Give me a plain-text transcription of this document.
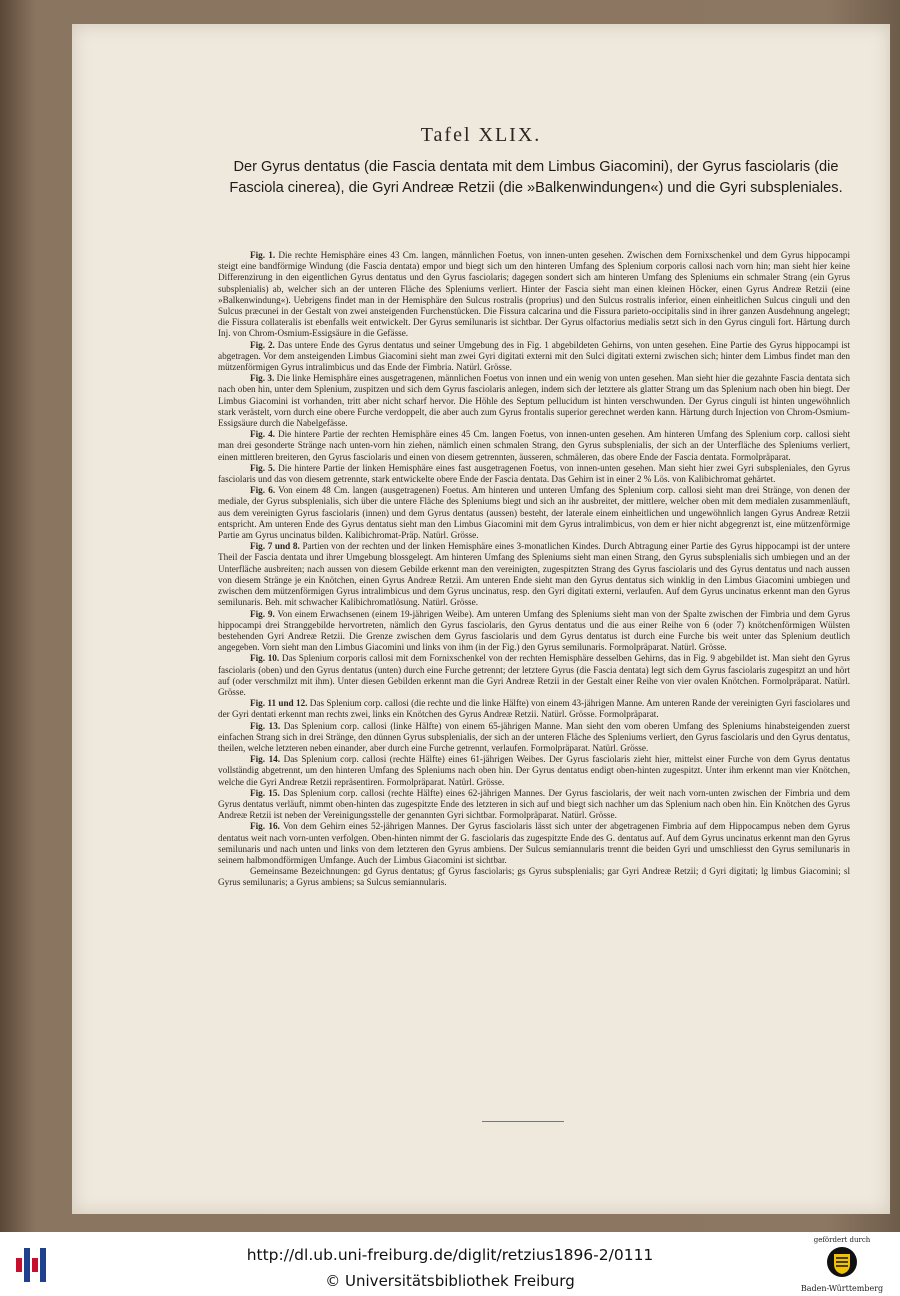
Tafel XLIX.
Der Gyrus dentatus (die Fascia dentata mit dem Limbus Giacomini), der Gyrus fasciolaris (die Fasciola cinerea), die Gyri Andreæ Retzii (die »Balkenwindungen«) und die Gyri subspleniales.

Fig. 1. Die rechte Hemisphäre eines 43 Cm. langen, männlichen Foetus, von innen-unten gesehen. Zwischen dem Fornixschenkel und dem Gyrus hippocampi steigt eine bandförmige Windung (die Fascia dentata) empor und biegt sich um den hinteren Umfang des Splenium corporis callosi nach vorn hin; man sieht hier keine Differenzirung in den eigentlichen Gyrus dentatus und den Gyrus fasciolaris; dagegen sondert sich am hinteren Umfang des Spleniums ein schmaler Strang (ein Gyrus subsplenialis) ab, welcher sich an der unteren Fläche des Spleniums verliert. Hinter der Fascia sieht man einen kleinen Höcker, einen Gyrus Andreæ Retzii (eine »Balkenwindung«). Uebrigens findet man in der Hemisphäre den Sulcus rostralis (proprius) und den Sulcus rostralis inferior, einen einheitlichen Sulcus cinguli und den Sulcus præcunei in der Gestalt von zwei ansteigenden Furchenstücken. Die Fissura calcarina und die Fissura parieto-occipitalis sind in ihrer ganzen Ausdehnung angelegt; die Fissura collateralis ist ebenfalls weit entwickelt. Der Gyrus semilunaris ist sichtbar. Der Gyrus olfactorius medialis setzt sich in den Gyrus cinguli fort. Härtung durch Inj. von Chrom-Osmium-Essigsäure in die Gefässe.

Fig. 2. Das untere Ende des Gyrus dentatus und seiner Umgebung des in Fig. 1 abgebildeten Gehirns, von unten gesehen. Eine Partie des Gyrus hippocampi ist abgetragen. Vor dem ansteigenden Limbus Giacomini sieht man zwei Gyri digitati externi mit den Sulci digitati externi zwischen sich; hinter dem Limbus findet man den mützenförmigen Gyrus intralimbicus und das Ende der Fimbria. Natürl. Grösse.

Fig. 3. Die linke Hemisphäre eines ausgetragenen, männlichen Foetus von innen und ein wenig von unten gesehen. Man sieht hier die gezahnte Fascia dentata sich nach oben hin, unter dem Splenium, zuspitzen und sich dem Gyrus fasciolaris anlegen, indem sich der letztere als glatter Strang um das Splenium nach oben hin biegt. Der Limbus Giacomini ist vorhanden, tritt aber nicht scharf hervor. Die Höhle des Septum pellucidum ist hinten verschwunden. Der Gyrus cinguli ist hinten ungewöhnlich stark verästelt, vorn durch eine obere Furche verdoppelt, die aber auch zum Gyrus frontalis superior gerechnet werden kann. Härtung durch Injection von Chrom-Osmium-Essigsäure durch die Nabelgefässe.

Fig. 4. Die hintere Partie der rechten Hemisphäre eines 45 Cm. langen Foetus, von innen-unten gesehen. Am hinteren Umfang des Splenium corp. callosi sieht man drei gesonderte Stränge nach unten-vorn hin ziehen, nämlich einen schmalen Strang, den Gyrus subsplenialis, der sich an der Unterfläche des Spleniums verliert, einen mittleren breiteren, den Gyrus fasciolaris und einen von diesem getrennten, äusseren, schmäleren, das obere Ende der Fascia dentata. Formolpräparat.

Fig. 5. Die hintere Partie der linken Hemisphäre eines fast ausgetragenen Foetus, von innen-unten gesehen. Man sieht hier zwei Gyri subspleniales, den Gyrus fasciolaris und das von diesem getrennte, stark entwickelte obere Ende der Fascia dentata. Das Gehirn ist in einer 2 % Lös. von Kalibichromat gehärtet.

Fig. 6. Von einem 48 Cm. langen (ausgetragenen) Foetus. Am hinteren und unteren Umfang des Splenium corp. callosi sieht man drei Stränge, von denen der mediale, der Gyrus subsplenialis, sich über die untere Fläche des Spleniums biegt und sich an ihr ausbreitet, der mittlere, welcher oben mit dem medialen zusammenläuft, aus dem vereinigten Gyrus fasciolaris (innen) und dem Gyrus dentatus (aussen) besteht, der laterale einem einheitlichen und ungewöhnlich langen Gyrus Andreæ Retzii entspricht. Am unteren Ende des Gyrus dentatus sieht man den Limbus Giacomini mit dem Gyrus intralimbicus, von dem er hier nicht abgegrenzt ist, eine mützenförmige Partie am Gyrus uncinatus bilden. Kalibichromat-Präp. Natürl. Grösse.

Fig. 7 und 8. Partien von der rechten und der linken Hemisphäre eines 3-monatlichen Kindes. Durch Abtragung einer Partie des Gyrus hippocampi ist der untere Theil der Fascia dentata und ihrer Umgebung blossgelegt. Am hinteren Umfang des Spleniums sieht man einen Strang, den Gyrus subsplenialis sich umbiegen und an der Unterfläche ausbreiten; nach aussen von diesem Gebilde erkennt man den vereinigten, zugespitzten Strang des Gyrus fasciolaris und des Gyrus dentatus und nach aussen von diesem Stränge je ein Knötchen, einen Gyrus Andreæ Retzii. Am unteren Ende sieht man den Gyrus dentatus sich winklig in den Limbus Giacomini umbiegen und zwischen dem mützenförmigen Gyrus intralimbicus und dem Gyrus uncinatus, resp. den Gyri digitati externi, verlaufen. Auf dem Gyrus uncinatus erkennt man den Gyrus semilunaris. Beh. mit schwacher Kalibichromatlösung. Natürl. Grösse.

Fig. 9. Von einem Erwachsenen (einem 19-jährigen Weibe). Am unteren Umfang des Spleniums sieht man von der Spalte zwischen der Fimbria und dem Gyrus hippocampi drei Stranggebilde hervortreten, nämlich den Gyrus fasciolaris, den Gyrus dentatus und die aus einer Reihe von 6 (oder 7) knötchenförmigen Wülsten bestehenden Gyri Andreæ Retzii. Die Grenze zwischen dem Gyrus fasciolaris und dem Gyrus dentatus ist durch eine Furche bis weit unter das Splenium deutlich angegeben. Vorn sieht man den Limbus Giacomini und links von ihm (in der Fig.) den Gyrus semilunaris. Formolpräparat. Natürl. Grösse.

Fig. 10. Das Splenium corporis callosi mit dem Fornixschenkel von der rechten Hemisphäre desselben Gehirns, das in Fig. 9 abgebildet ist. Man sieht den Gyrus fasciolaris (oben) und den Gyrus dentatus (unten) durch eine Furche getrennt; der letztere Gyrus (die Fascia dentata) legt sich dem Gyrus fasciolaris zugespitzt an und hört auf (oder verschmilzt mit ihm). Unter diesen Gebilden erkennt man die Gyri Andreæ Retzii in der Gestalt einer Reihe von vier ovalen Knötchen. Formolpräparat. Natürl. Grösse.

Fig. 11 und 12. Das Splenium corp. callosi (die rechte und die linke Hälfte) von einem 43-jährigen Manne. Am unteren Rande der vereinigten Gyri fasciolares und der Gyri dentati erkennt man rechts zwei, links ein Knötchen des Gyrus Andreæ Retzii. Natürl. Grösse. Formolpräparat.

Fig. 13. Das Splenium corp. callosi (linke Hälfte) von einem 65-jährigen Manne. Man sieht den vom oberen Umfang des Spleniums hinabsteigenden zuerst einfachen Strang sich in drei Stränge, den dünnen Gyrus subsplenialis, der sich an der unteren Fläche des Spleniums verliert, den Gyrus fasciolaris und den Gyrus dentatus, theilen, welche letzteren neben einander, aber durch eine Furche getrennt, verlaufen. Formolpräparat. Natürl. Grösse.

Fig. 14. Das Splenium corp. callosi (rechte Hälfte) eines 61-jährigen Weibes. Der Gyrus fasciolaris zieht hier, mittelst einer Furche von dem Gyrus dentatus vollständig abgetrennt, um den hinteren Umfang des Spleniums nach oben hin. Der Gyrus dentatus endigt oben-hinten zugespitzt. Unter ihm erkennt man vier Knötchen, welche die Gyri Andreæ Retzii repräsentiren. Formolpräparat. Natürl. Grösse.

Fig. 15. Das Splenium corp. callosi (rechte Hälfte) eines 62-jährigen Mannes. Der Gyrus fasciolaris, der weit nach vorn-unten zwischen der Fimbria und dem Gyrus dentatus verläuft, nimmt oben-hinten das zugespitzte Ende des letzteren in sich auf und biegt sich nachher um das Splenium nach oben hin. Ein Knötchen des Gyrus Andreæ Retzii ist neben der Vereinigungsstelle der genannten Gyri sichtbar. Formolpräparat. Natürl. Grösse.

Fig. 16. Von dem Gehirn eines 52-jährigen Mannes. Der Gyrus fasciolaris lässt sich unter der abgetragenen Fimbria auf dem Hippocampus neben dem Gyrus dentatus weit nach vorn-unten verfolgen. Oben-hinten nimmt der G. fasciolaris das zugespitzte Ende des G. dentatus auf. Auf dem Gyrus uncinatus erkennt man den Gyrus semilunaris und nach unten und links von dem letzteren den Gyrus ambiens. Der Sulcus semiannularis trennt die beiden Gyri und umschliesst den Gyrus semilunaris in seinem halbmondförmigen Umfange. Auch der Limbus Giacomini ist sichtbar.

Gemeinsame Bezeichnungen: gd Gyrus dentatus; gf Gyrus fasciolaris; gs Gyrus subsplenialis; gar Gyri Andreæ Retzii; d Gyri digitati; lg limbus Giacomini; sl Gyrus semilunaris; a Gyrus ambiens; sa Sulcus semiannularis.

http://dl.ub.uni-freiburg.de/diglit/retzius1896-2/0111
© Universitätsbibliothek Freiburg
gefördert durch
Baden-Württemberg
